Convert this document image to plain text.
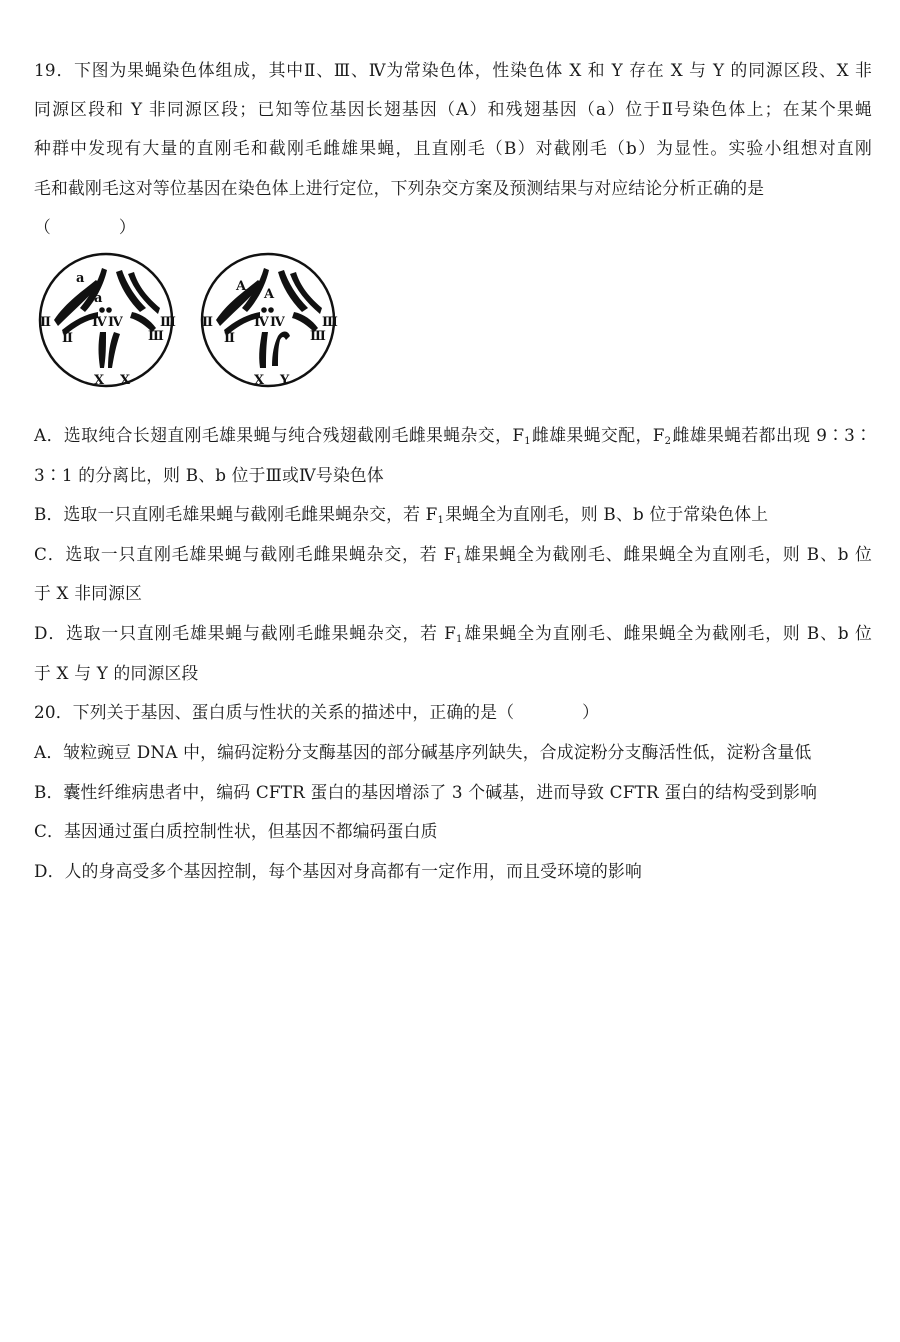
19．下图为果蝇染色体组成，其中Ⅱ、Ⅲ、Ⅳ为常染色体，性染色体 X 和 Y 存在 X 与 Y 的同源区段、X 非
同源区段和 Y 非同源区段；已知等位基因长翅基因（A）和残翅基因（a）位于Ⅱ号染色体上；在某个果蝇
种群中发现有大量的直刚毛和截刚毛雌雄果蝇，且直刚毛（B）对截刚毛（b）为显性。实验小组想对直刚
毛和截刚毛这对等位基因在染色体上进行定位，下列杂交方案及预测结果与对应结论分析正确的是
（　　　　）
a
a
Ⅱ
Ⅱ
Ⅳ Ⅳ
Ⅲ
Ⅲ
X X
A
A
Ⅱ
Ⅱ
Ⅳ Ⅳ
Ⅲ
Ⅲ
X Y
A．选取纯合长翅直刚毛雄果蝇与纯合残翅截刚毛雌果蝇杂交，$F_1$雌雄果蝇交配，$F_2$雌雄果蝇若都出现 9∶3∶
3∶1 的分离比，则 B、b 位于Ⅲ或Ⅳ号染色体
B．选取一只直刚毛雄果蝇与截刚毛雌果蝇杂交，若 $F_1$果蝇全为直刚毛，则 B、b 位于常染色体上
C．选取一只直刚毛雄果蝇与截刚毛雌果蝇杂交，若 $F_1$雄果蝇全为截刚毛、雌果蝇全为直刚毛，则 B、b 位
于 X 非同源区
D．选取一只直刚毛雄果蝇与截刚毛雌果蝇杂交，若 $F_1$雄果蝇全为直刚毛、雌果蝇全为截刚毛，则 B、b 位
于 X 与 Y 的同源区段
20．下列关于基因、蛋白质与性状的关系的描述中，正确的是（　　　　）
A．皱粒豌豆 DNA 中，编码淀粉分支酶基因的部分碱基序列缺失，合成淀粉分支酶活性低，淀粉含量低
B．囊性纤维病患者中，编码 CFTR 蛋白的基因增添了 3 个碱基，进而导致 CFTR 蛋白的结构受到影响
C．基因通过蛋白质控制性状，但基因不都编码蛋白质
D．人的身高受多个基因控制，每个基因对身高都有一定作用，而且受环境的影响
